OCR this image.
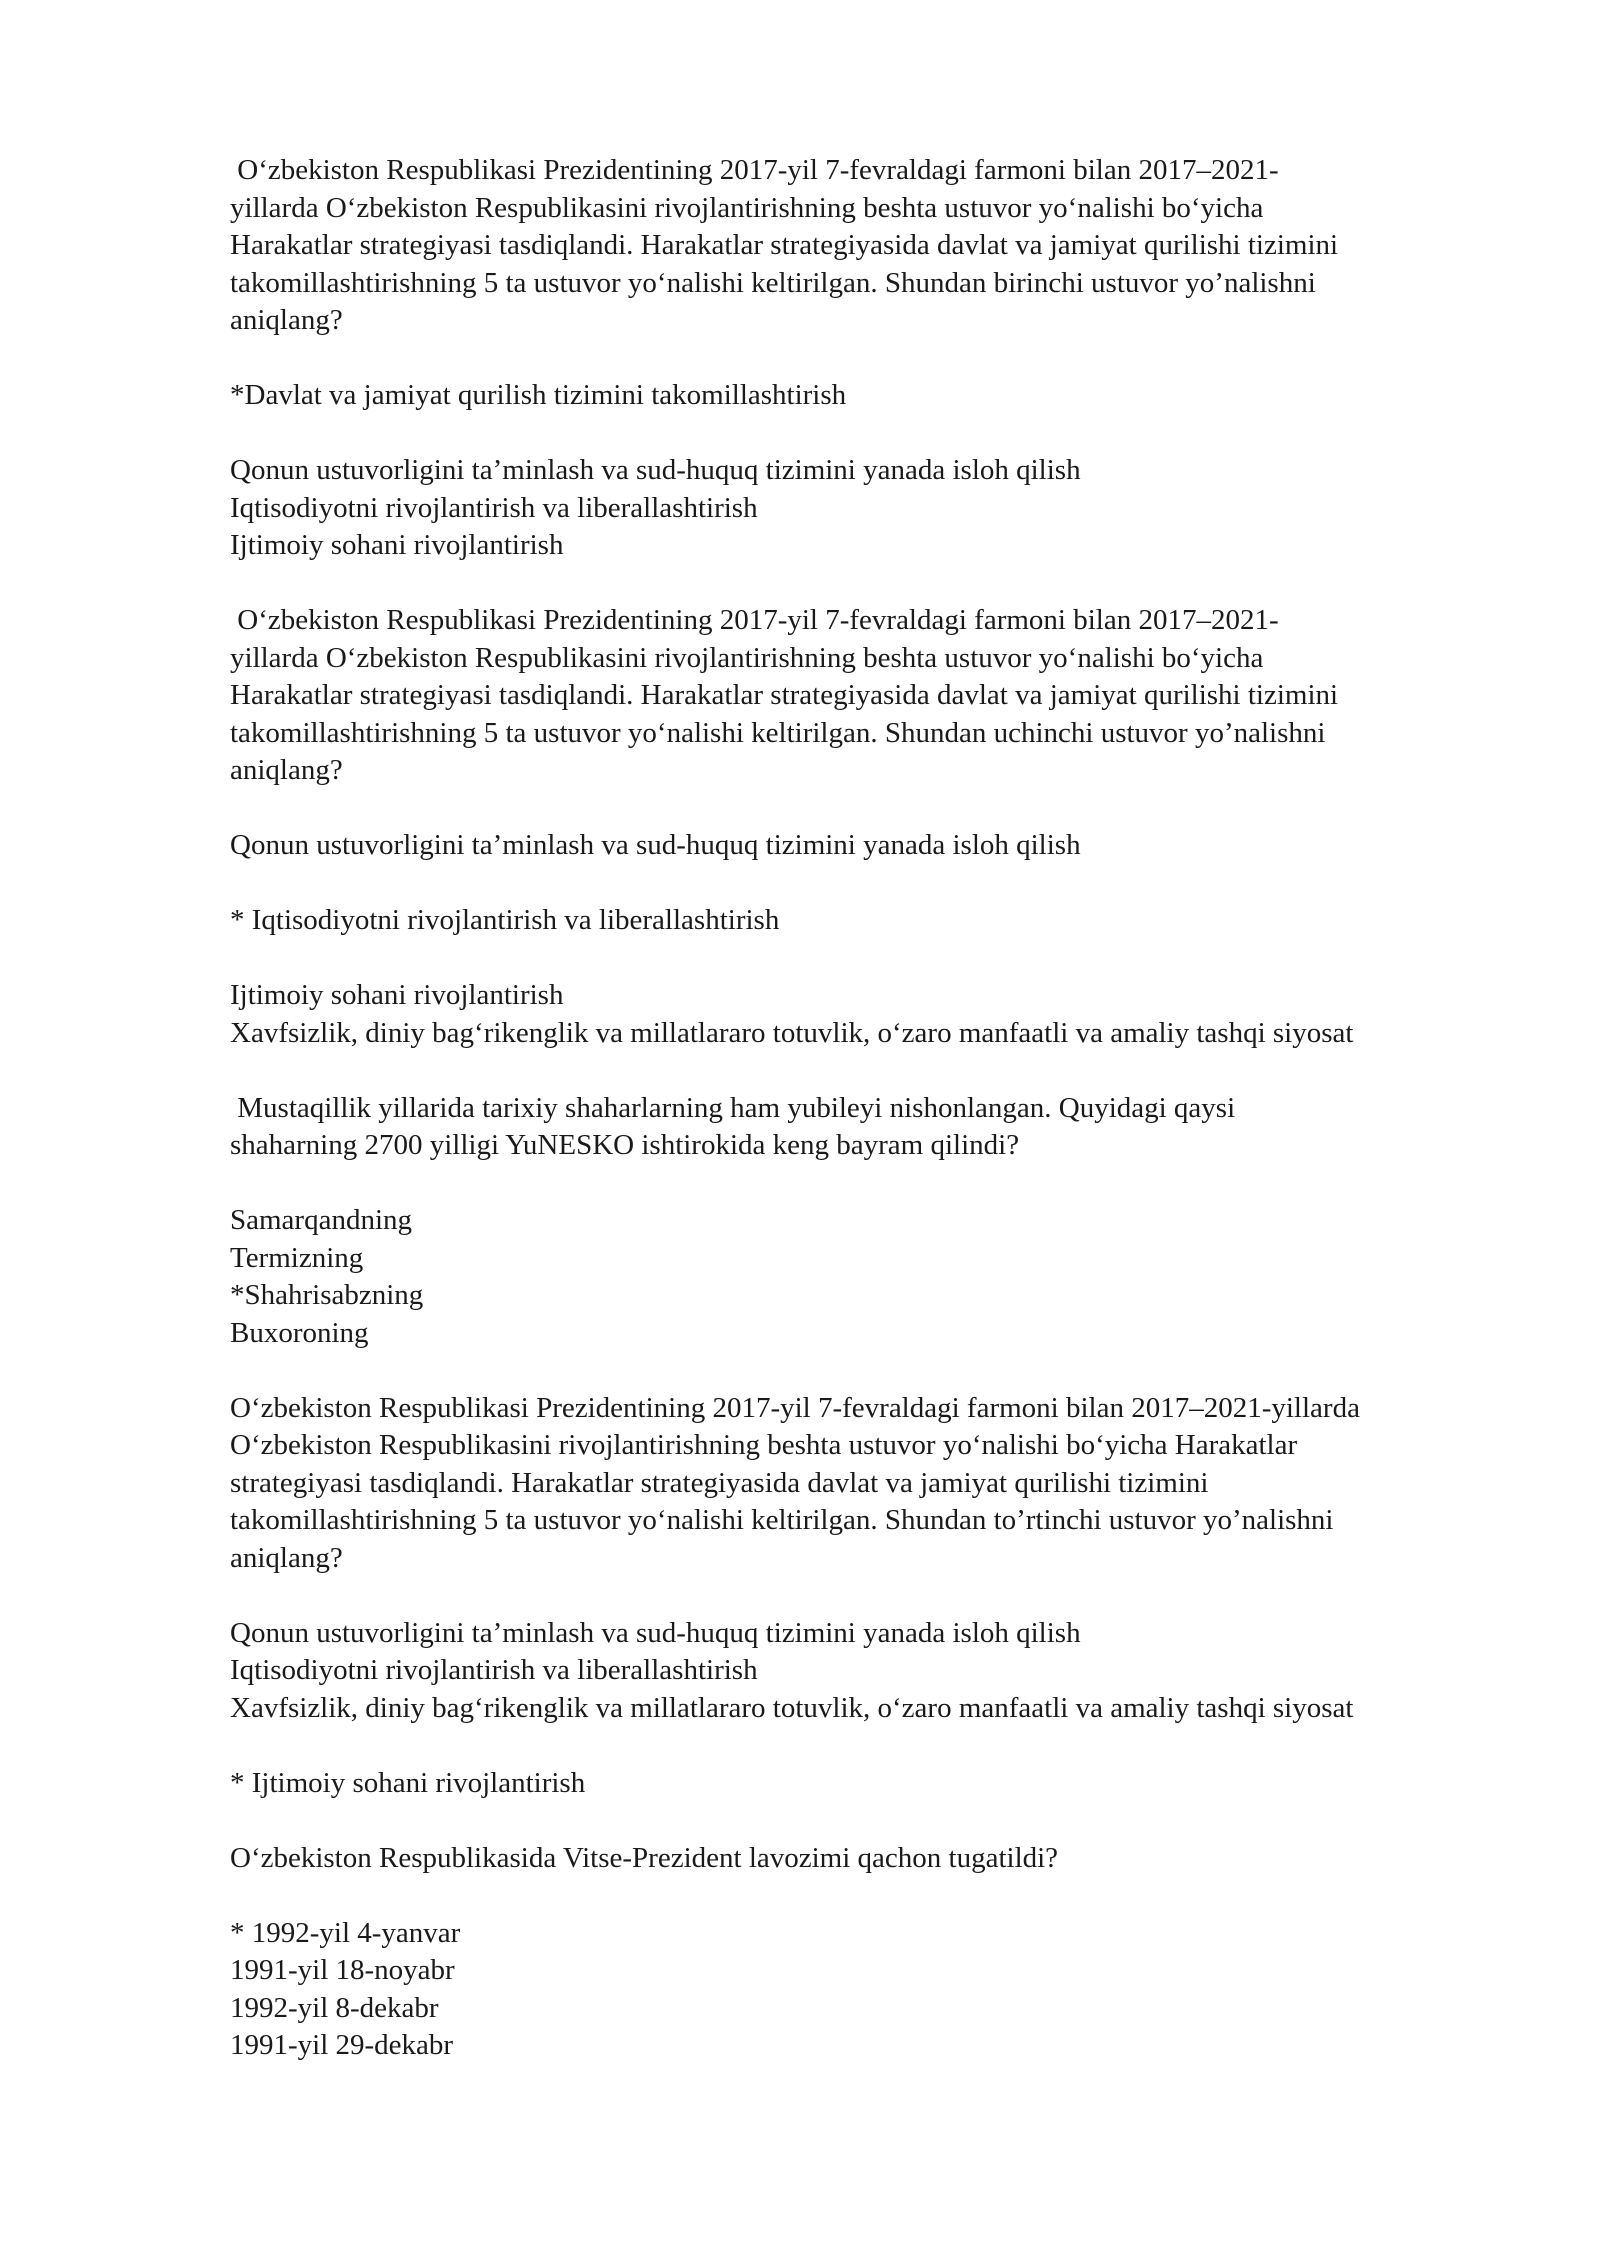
O‘zbekiston Respublikasi Prezidentining 2017-yil 7-fevraldagi farmoni bilan 2017–2021-
yillarda O‘zbekiston Respublikasini rivojlantirishning beshta ustuvor yo‘nalishi bo‘yicha
Harakatlar strategiyasi tasdiqlandi. Harakatlar strategiyasida davlat va jamiyat qurilishi tizimini
takomillashtirishning 5 ta ustuvor yo‘nalishi keltirilgan. Shundan birinchi ustuvor yo’nalishni
aniqlang?
*Davlat va jamiyat qurilish tizimini takomillashtirish
Qonun ustuvorligini ta’minlash va sud-huquq tizimini yanada isloh qilish
Iqtisodiyotni rivojlantirish va liberallashtirish
Ijtimoiy sohani rivojlantirish
O‘zbekiston Respublikasi Prezidentining 2017-yil 7-fevraldagi farmoni bilan 2017–2021-
yillarda O‘zbekiston Respublikasini rivojlantirishning beshta ustuvor yo‘nalishi bo‘yicha
Harakatlar strategiyasi tasdiqlandi. Harakatlar strategiyasida davlat va jamiyat qurilishi tizimini
takomillashtirishning 5 ta ustuvor yo‘nalishi keltirilgan. Shundan uchinchi ustuvor yo’nalishni
aniqlang?
Qonun ustuvorligini ta’minlash va sud-huquq tizimini yanada isloh qilish
* Iqtisodiyotni rivojlantirish va liberallashtirish
Ijtimoiy sohani rivojlantirish
Xavfsizlik, diniy bag‘rikenglik va millatlararo totuvlik, o‘zaro manfaatli va amaliy tashqi siyosat
Mustaqillik yillarida tarixiy shaharlarning ham yubileyi nishonlangan. Quyidagi qaysi
shaharning 2700 yilligi YuNESKO ishtirokida keng bayram qilindi?
Samarqandning
Termizning
*Shahrisabzning
Buxoroning
O‘zbekiston Respublikasi Prezidentining 2017-yil 7-fevraldagi farmoni bilan 2017–2021-yillarda
O‘zbekiston Respublikasini rivojlantirishning beshta ustuvor yo‘nalishi bo‘yicha Harakatlar
strategiyasi tasdiqlandi. Harakatlar strategiyasida davlat va jamiyat qurilishi tizimini
takomillashtirishning 5 ta ustuvor yo‘nalishi keltirilgan. Shundan to’rtinchi ustuvor yo’nalishni
aniqlang?
Qonun ustuvorligini ta’minlash va sud-huquq tizimini yanada isloh qilish
Iqtisodiyotni rivojlantirish va liberallashtirish
Xavfsizlik, diniy bag‘rikenglik va millatlararo totuvlik, o‘zaro manfaatli va amaliy tashqi siyosat
* Ijtimoiy sohani rivojlantirish
O‘zbekiston Respublikasida Vitse-Prezident lavozimi qachon tugatildi?
* 1992-yil 4-yanvar
1991-yil 18-noyabr
1992-yil 8-dekabr
1991-yil 29-dekabr
